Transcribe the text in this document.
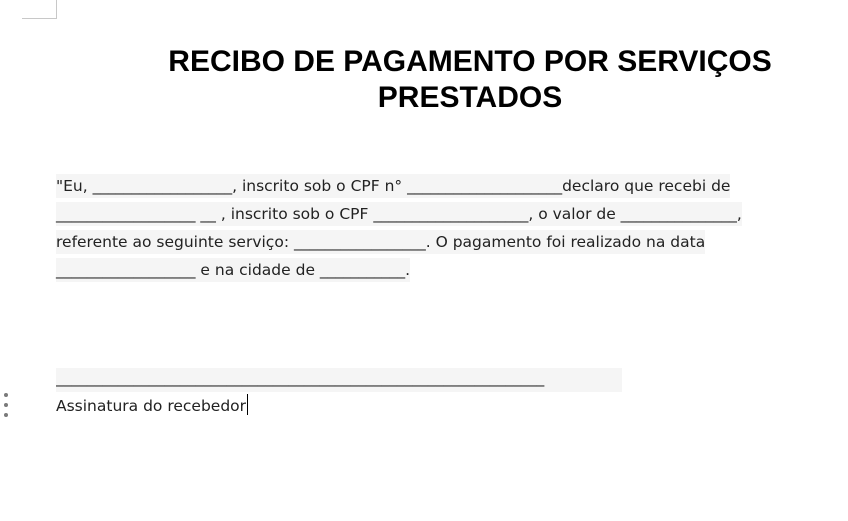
RECIBO DE PAGAMENTO POR SERVIÇOS
PRESTADOS
"Eu, __________________, inscrito sob o CPF n° ____________________declaro que recebi de
__________________ __ , inscrito sob o CPF ____________________, o valor de _______________,
referente ao seguinte serviço: _________________. O pagamento foi realizado na data
__________________ e na cidade de ___________.
_______________________________________________________________
Assinatura do recebedor
